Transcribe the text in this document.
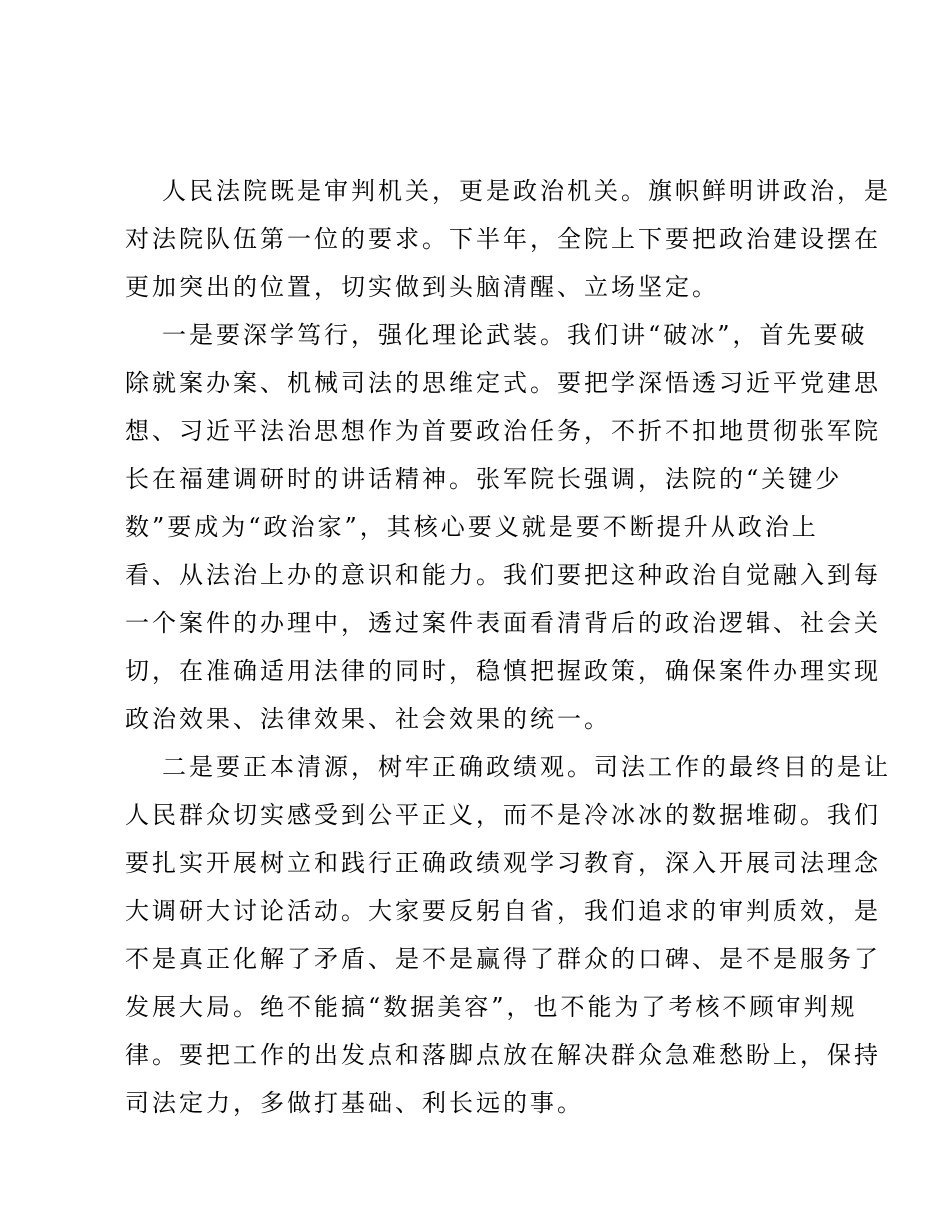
人民法院既是审判机关，更是政治机关。旗帜鲜明讲政治，是
对法院队伍第一位的要求。下半年，全院上下要把政治建设摆在
更加突出的位置，切实做到头脑清醒、立场坚定。
一是要深学笃行，强化理论武装。我们讲“破冰”，首先要破
除就案办案、机械司法的思维定式。要把学深悟透习近平党建思
想、习近平法治思想作为首要政治任务，不折不扣地贯彻张军院
长在福建调研时的讲话精神。张军院长强调，法院的“关键少
数”要成为“政治家”，其核心要义就是要不断提升从政治上
看、从法治上办的意识和能力。我们要把这种政治自觉融入到每
一个案件的办理中，透过案件表面看清背后的政治逻辑、社会关
切，在准确适用法律的同时，稳慎把握政策，确保案件办理实现
政治效果、法律效果、社会效果的统一。
二是要正本清源，树牢正确政绩观。司法工作的最终目的是让
人民群众切实感受到公平正义，而不是冷冰冰的数据堆砌。我们
要扎实开展树立和践行正确政绩观学习教育，深入开展司法理念
大调研大讨论活动。大家要反躬自省，我们追求的审判质效，是
不是真正化解了矛盾、是不是赢得了群众的口碑、是不是服务了
发展大局。绝不能搞“数据美容”，也不能为了考核不顾审判规
律。要把工作的出发点和落脚点放在解决群众急难愁盼上，保持
司法定力，多做打基础、利长远的事。
